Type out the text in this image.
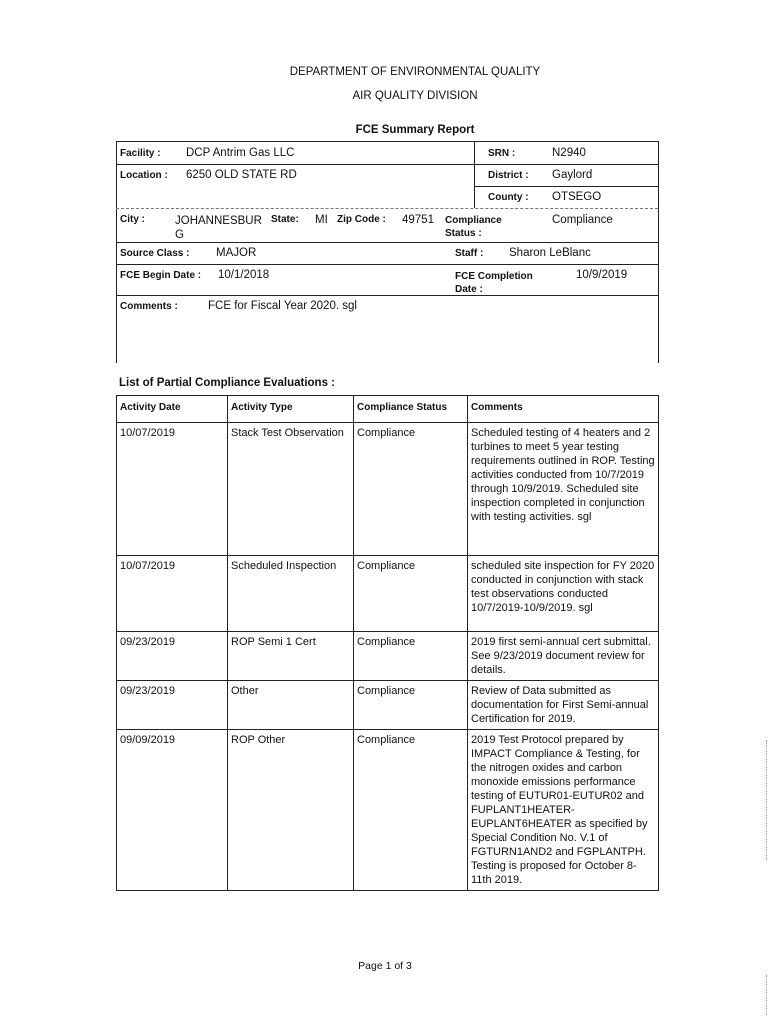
DEPARTMENT OF ENVIRONMENTAL QUALITY
AIR QUALITY DIVISION
FCE Summary Report
Facility : DCP Antrim Gas LLC	SRN :	N2940
Location : 6250 OLD STATE RD	District : Gaylord
County : OTSEGO
City :	JOHANNESBUR G
State: MI Zip Code : 49751 Compliance Status :
Compliance
Source Class : MAJOR	Staff : Sharon LeBlanc
FCE Begin Date : 10/1/2018	FCE Completion Date :
10/9/2019
Comments :	FCE for Fiscal Year 2020. sgl
List of Partial Compliance Evaluations :
Activity Date	Activity Type	Compliance Status	Comments
10/07/2019	Stack Test Observation	Compliance	Scheduled testing of 4 heaters and 2 turbines to meet 5 year testing requirements outlined in ROP. Testing activities conducted from 10/7/2019 through 10/9/2019. Scheduled site inspection completed in conjunction with testing activities. sgl
10/07/2019	Scheduled Inspection	Compliance	scheduled site inspection for FY 2020 conducted in conjunction with stack test observations conducted 10/7/2019-10/9/2019. sgl
09/23/2019	ROP Semi 1 Cert	Compliance	2019 first semi-annual cert submittal. See 9/23/2019 document review for details.
09/23/2019	Other	Compliance	Review of Data submitted as documentation for First Semi-annual Certification for 2019.
09/09/2019	ROP Other	Compliance	2019 Test Protocol prepared by IMPACT Compliance & Testing, for the nitrogen oxides and carbon monoxide emissions performance testing of EUTUR01-EUTUR02 and FUPLANT1HEATER-EUPLANT6HEATER as specified by Special Condition No. V.1 of FGTURN1AND2 and FGPLANTPH. Testing is proposed for October 8-11th 2019.
Page 1 of 3
